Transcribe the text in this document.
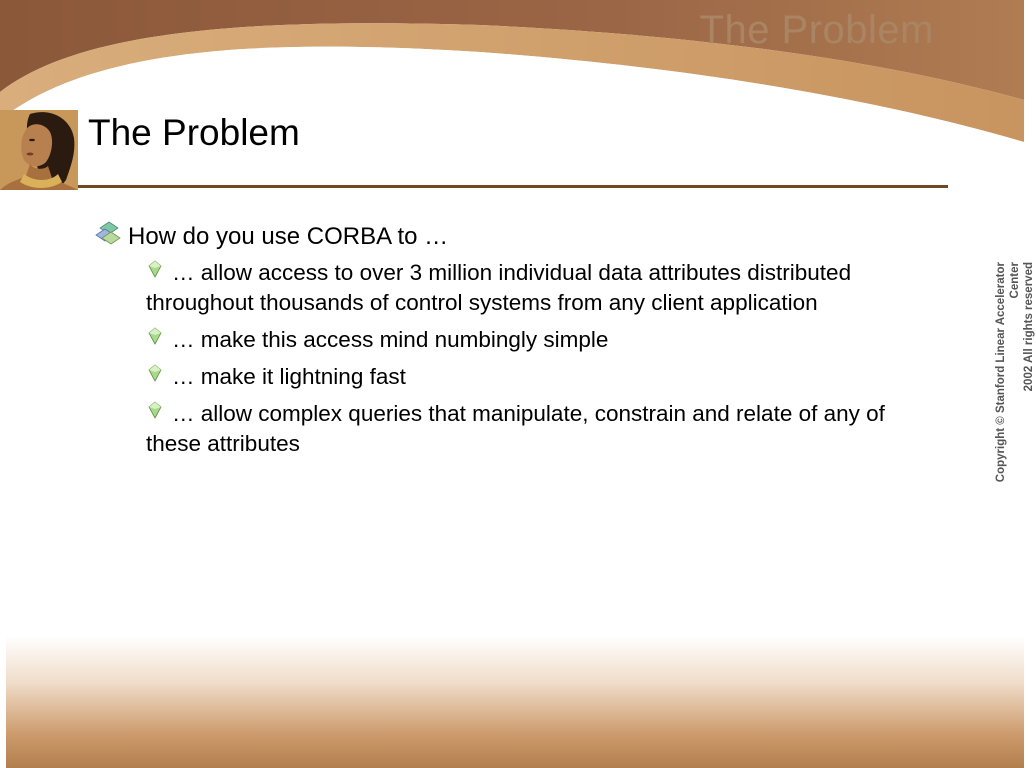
The Problem
The Problem
How do you use CORBA to …
… allow access to over 3 million individual data attributes distributed throughout thousands of control systems from any client application
… make this access mind numbingly simple
… make it lightning fast
… allow complex queries that manipulate, constrain and relate of any of these attributes	Copyright © Stanford Linear Accelerator Center 2002 All rights reserved
